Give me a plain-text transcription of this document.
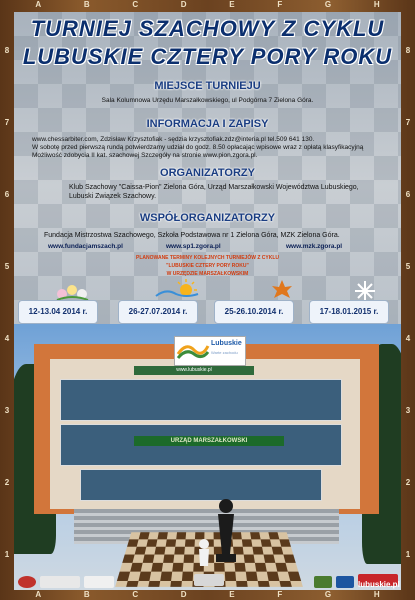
A	B	C	D	E	F	G	H
A	B	C	D	E	F	G	H
8
7
6
5
4
3
2
1
8
7
6
5
4
3
2
1
TURNIEJ SZACHOWY Z CYKLU
LUBUSKIE CZTERY PORY ROKU
MIEJSCE TURNIEJU
Sala Kolumnowa Urzędu Marszałkowskiego, ul Podgórna 7 Zielona Góra.
INFORMACJA I ZAPISY
www.chessarbiter.com, Zdzisław Krzysztofiak - sędzia krzysztofiak.zdz@interia.pl tel.509 641 130.
W sobotę przed pierwszą rundą potwierdzamy udział do godz. 8.50 opłacając wpisowe wraz z opłatą klasyfikacyjną
Możliwość zdobycia II kat. szachowej Szczegóły na stronie www.pion.zgora.pl.
ORGANIZATORZY
Klub Szachowy "Caissa-Pion" Zielona Góra, Urząd Marszałkowski Województwa Lubuskiego,
Lubuski Związek Szachowy.
WSPÓŁORGANIZATORZY
Fundacja Mistrzostwa Szachowego, Szkoła Podstawowa nr 1 Zielona Góra, MZK Zielona Góra.
www.fundacjamszach.pl	www.sp1.zgora.pl	www.mzk.zgora.pl
PLANOWANE TERMINY KOLEJNYCH TURNIEJÓW Z CYKLU
"LUBUSKIE CZTERY PORY ROKU"
W URZĘDZIE MARSZAŁKOWSKIM
12-13.04 2014 r.	26-27.07.2014 r.	25-26.10.2014 r.	17-18.01.2015 r.
Lubuskie
Warte zachodu
www.lubuskie.pl
URZĄD MARSZAŁKOWSKI
lubuskie.pl
